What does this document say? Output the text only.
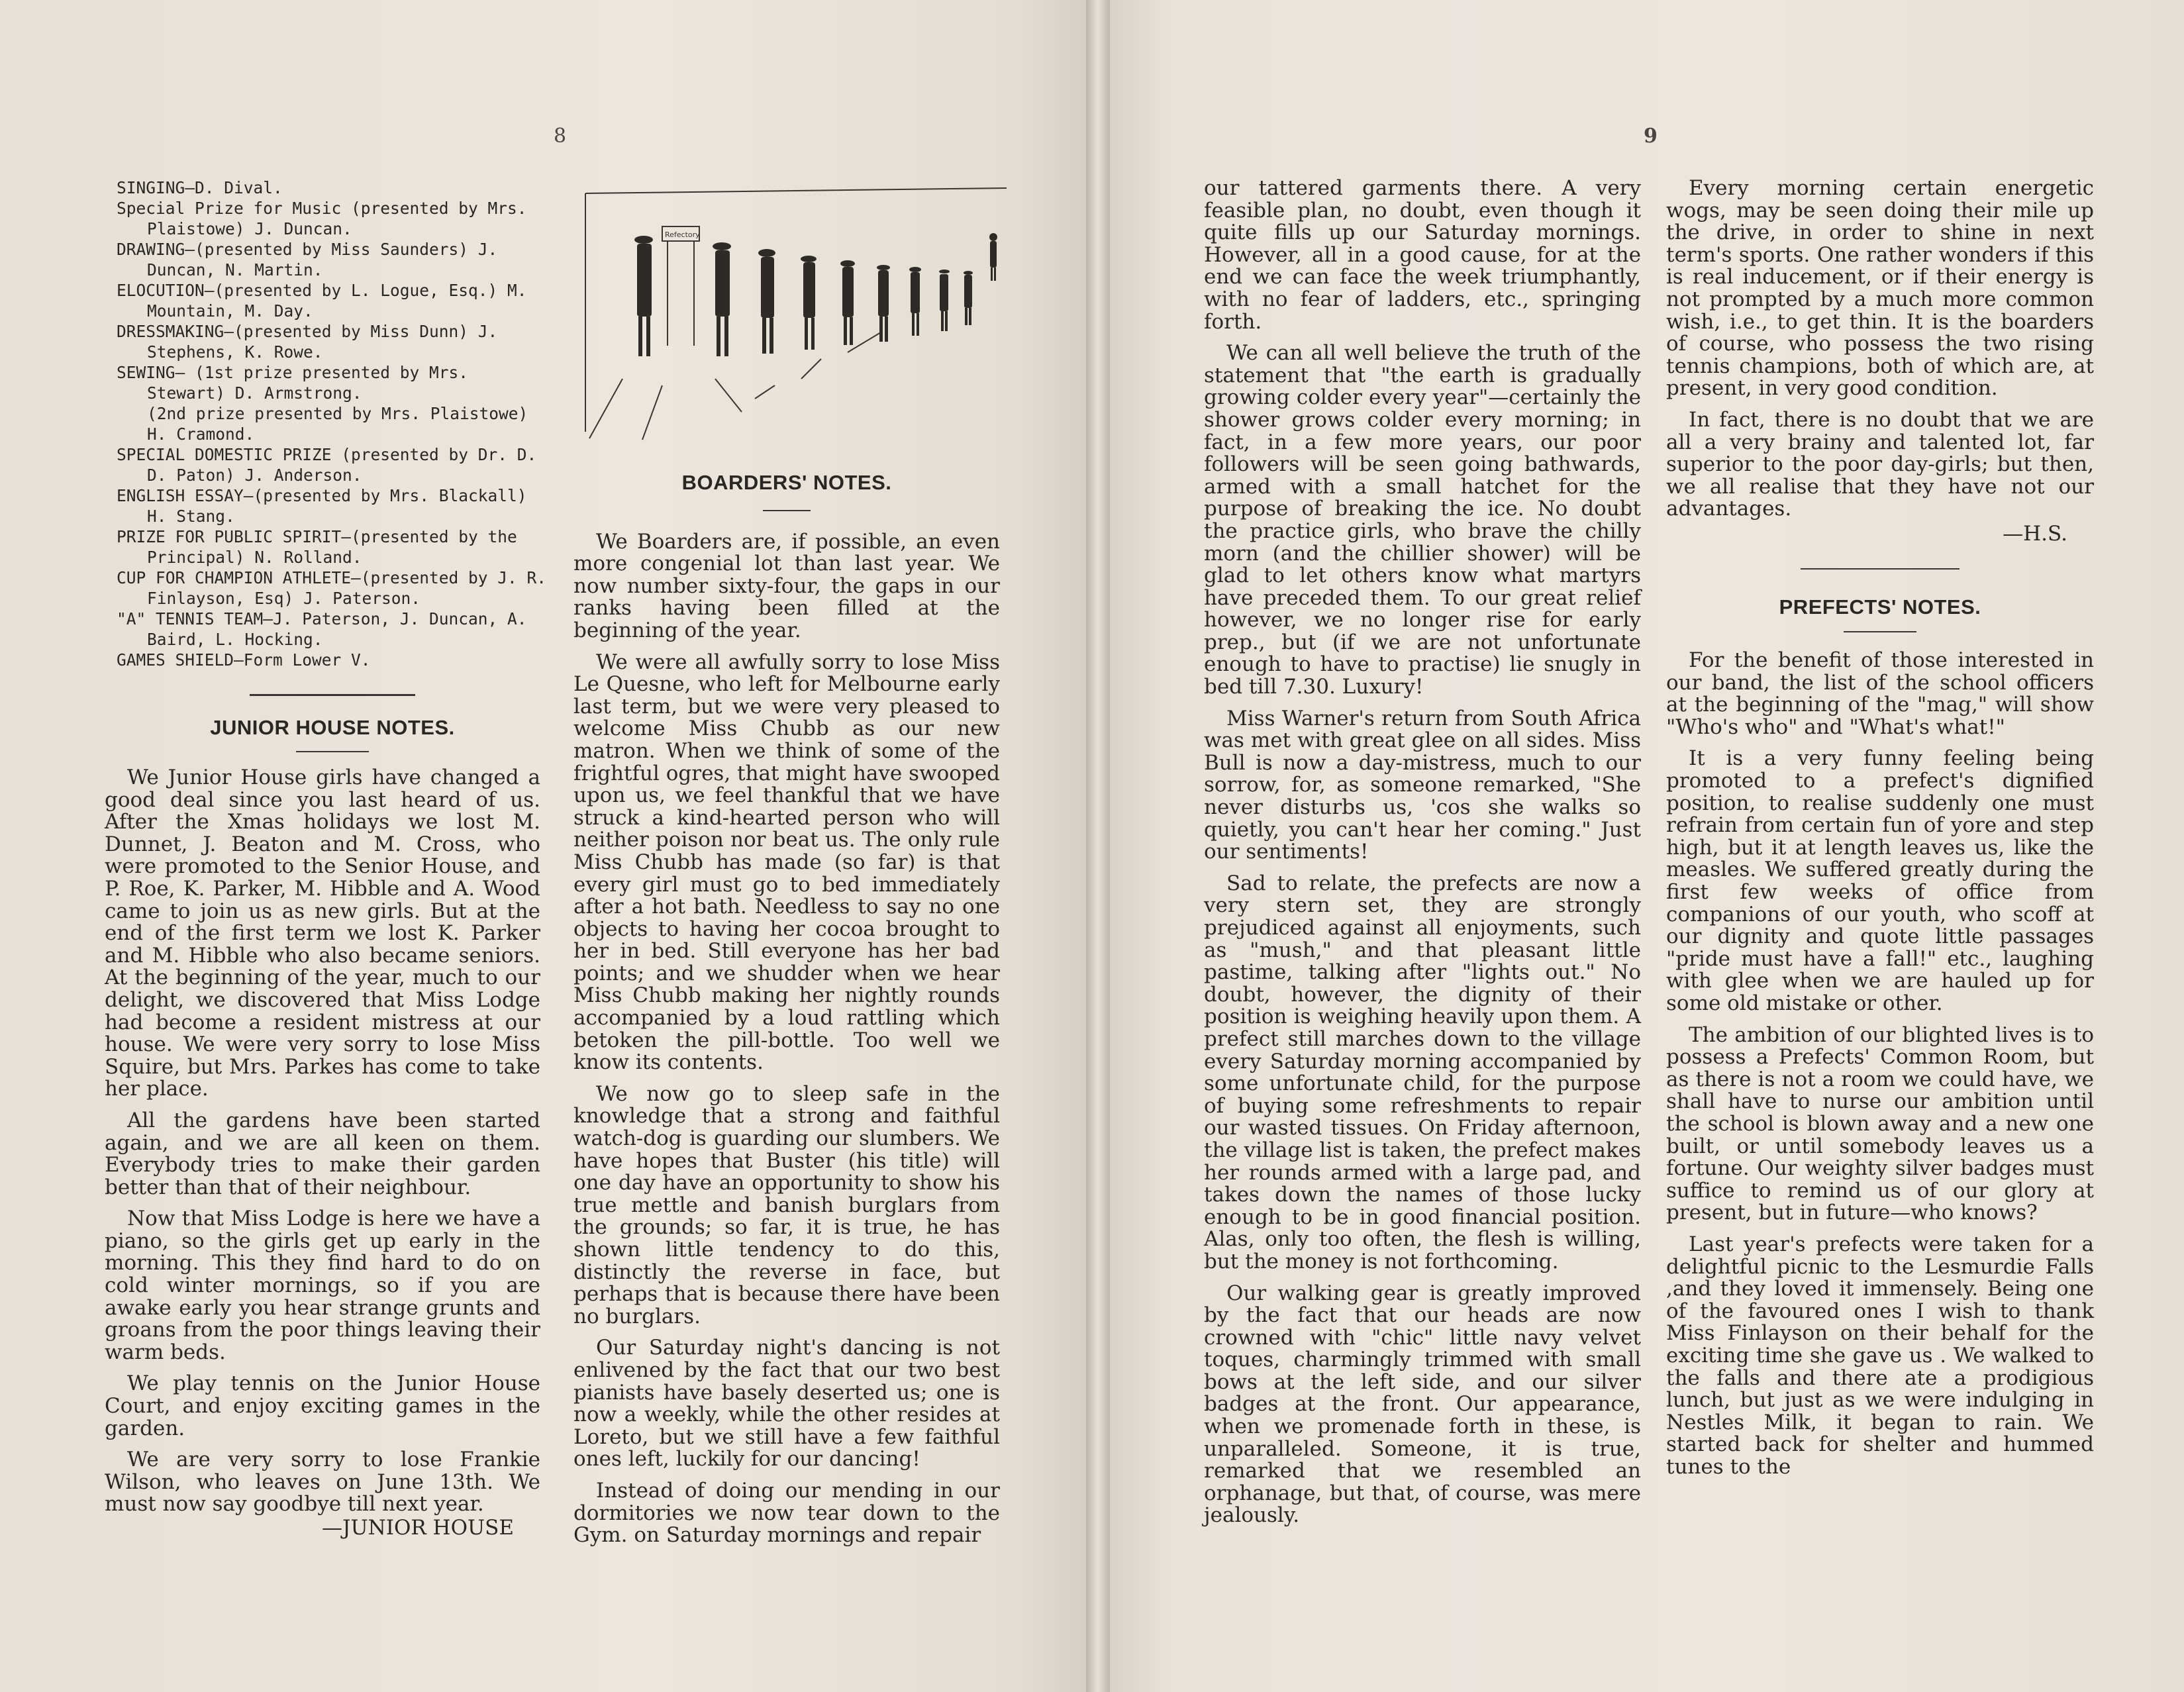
8
SINGING—D. Dival.
Special Prize for Music (presented by Mrs. Plaistowe) J. Duncan.
DRAWING—(presented by Miss Saunders) J. Duncan, N. Martin.
ELOCUTION—(presented by L. Logue, Esq.) M. Mountain, M. Day.
DRESSMAKING—(presented by Miss Dunn) J. Stephens, K. Rowe.
SEWING— (1st prize presented by Mrs. Stewart) D. Armstrong.
(2nd prize presented by Mrs. Plaistowe) H. Cramond.
SPECIAL DOMESTIC PRIZE (presented by Dr. D. D. Paton) J. Anderson.
ENGLISH ESSAY—(presented by Mrs. Blackall) H. Stang.
PRIZE FOR PUBLIC SPIRIT—(presented by the Principal) N. Rolland.
CUP FOR CHAMPION ATHLETE—(presented by J. R. Finlayson, Esq) J. Paterson.
"A" TENNIS TEAM—J. Paterson, J. Duncan, A. Baird, L. Hocking.
GAMES SHIELD—Form Lower V.
JUNIOR HOUSE NOTES.

We Junior House girls have changed a good deal since you last heard of us. After the Xmas holidays we lost M. Dunnet, J. Beaton and M. Cross, who were promoted to the Senior House, and P. Roe, K. Parker, M. Hibble and A. Wood came to join us as new girls. But at the end of the first term we lost K. Parker and M. Hibble who also became seniors. At the beginning of the year, much to our delight, we discovered that Miss Lodge had become a resident mistress at our house. We were very sorry to lose Miss Squire, but Mrs. Parkes has come to take her place.

All the gardens have been started again, and we are all keen on them. Everybody tries to make their garden better than that of their neighbour.

Now that Miss Lodge is here we have a piano, so the girls get up early in the morning. This they find hard to do on cold winter mornings, so if you are awake early you hear strange grunts and groans from the poor things leaving their warm beds.

We play tennis on the Junior House Court, and enjoy exciting games in the garden.

We are very sorry to lose Frankie Wilson, who leaves on June 13th. We must now say goodbye till next year.

—JUNIOR HOUSE

Refectory
BOARDERS' NOTES.

We Boarders are, if possible, an even more congenial lot than last year. We now number sixty-four, the gaps in our ranks having been filled at the beginning of the year.

We were all awfully sorry to lose Miss Le Quesne, who left for Melbourne early last term, but we were very pleased to welcome Miss Chubb as our new matron. When we think of some of the frightful ogres, that might have swooped upon us, we feel thankful that we have struck a kind-hearted person who will neither poison nor beat us. The only rule Miss Chubb has made (so far) is that every girl must go to bed immediately after a hot bath. Needless to say no one objects to having her cocoa brought to her in bed. Still everyone has her bad points; and we shudder when we hear Miss Chubb making her nightly rounds accompanied by a loud rattling which betoken the pill-bottle. Too well we know its contents.

We now go to sleep safe in the knowledge that a strong and faithful watch-dog is guarding our slumbers. We have hopes that Buster (his title) will one day have an opportunity to show his true mettle and banish burglars from the grounds; so far, it is true, he has shown little tendency to do this, distinctly the reverse in face, but perhaps that is because there have been no burglars.

Our Saturday night's dancing is not enlivened by the fact that our two best pianists have basely deserted us; one is now a weekly, while the other resides at Loreto, but we still have a few faithful ones left, luckily for our dancing!

Instead of doing our mending in our dormitories we now tear down to the Gym. on Saturday mornings and repair

9

our tattered garments there. A very feasible plan, no doubt, even though it quite fills up our Saturday mornings. However, all in a good cause, for at the end we can face the week triumphantly, with no fear of ladders, etc., springing forth.

We can all well believe the truth of the statement that "the earth is gradually growing colder every year"—certainly the shower grows colder every morning; in fact, in a few more years, our poor followers will be seen going bathwards, armed with a small hatchet for the purpose of breaking the ice. No doubt the practice girls, who brave the chilly morn (and the chillier shower) will be glad to let others know what martyrs have preceded them. To our great relief however, we no longer rise for early prep., but (if we are not unfortunate enough to have to practise) lie snugly in bed till 7.30. Luxury!

Miss Warner's return from South Africa was met with great glee on all sides. Miss Bull is now a day-mistress, much to our sorrow, for, as someone remarked, "She never disturbs us, 'cos she walks so quietly, you can't hear her coming." Just our sentiments!

Sad to relate, the prefects are now a very stern set, they are strongly prejudiced against all enjoyments, such as "mush," and that pleasant little pastime, talking after "lights out." No doubt, however, the dignity of their position is weighing heavily upon them. A prefect still marches down to the village every Saturday morning accompanied by some unfortunate child, for the purpose of buying some refreshments to repair our wasted tissues. On Friday afternoon, the village list is taken, the prefect makes her rounds armed with a large pad, and takes down the names of those lucky enough to be in good financial position. Alas, only too often, the flesh is willing, but the money is not forthcoming.

Our walking gear is greatly improved by the fact that our heads are now crowned with "chic" little navy velvet toques, charmingly trimmed with small bows at the left side, and our silver badges at the front. Our appearance, when we promenade forth in these, is unparalleled. Someone, it is true, remarked that we resembled an orphanage, but that, of course, was mere jealously.

Every morning certain energetic wogs, may be seen doing their mile up the drive, in order to shine in next term's sports. One rather wonders if this is real inducement, or if their energy is not prompted by a much more common wish, i.e., to get thin. It is the boarders of course, who possess the two rising tennis champions, both of which are, at present, in very good condition.

In fact, there is no doubt that we are all a very brainy and talented lot, far superior to the poor day-girls; but then, we all realise that they have not our advantages.

—H.S.

PREFECTS' NOTES.

For the benefit of those interested in our band, the list of the school officers at the beginning of the "mag," will show "Who's who" and "What's what!"

It is a very funny feeling being promoted to a prefect's dignified position, to realise suddenly one must refrain from certain fun of yore and step high, but it at length leaves us, like the measles. We suffered greatly during the first few weeks of office from companions of our youth, who scoff at our dignity and quote little passages "pride must have a fall!" etc., laughing with glee when we are hauled up for some old mistake or other.

The ambition of our blighted lives is to possess a Prefects' Common Room, but as there is not a room we could have, we shall have to nurse our ambition until the school is blown away and a new one built, or until somebody leaves us a fortune. Our weighty silver badges must suffice to remind us of our glory at present, but in future—who knows?

Last year's prefects were taken for a delightful picnic to the Lesmurdie Falls ,and they loved it immensely. Being one of the favoured ones I wish to thank Miss Finlayson on their behalf for the exciting time she gave us . We walked to the falls and there ate a prodigious lunch, but just as we were indulging in Nestles Milk, it began to rain. We started back for shelter and hummed tunes to the
